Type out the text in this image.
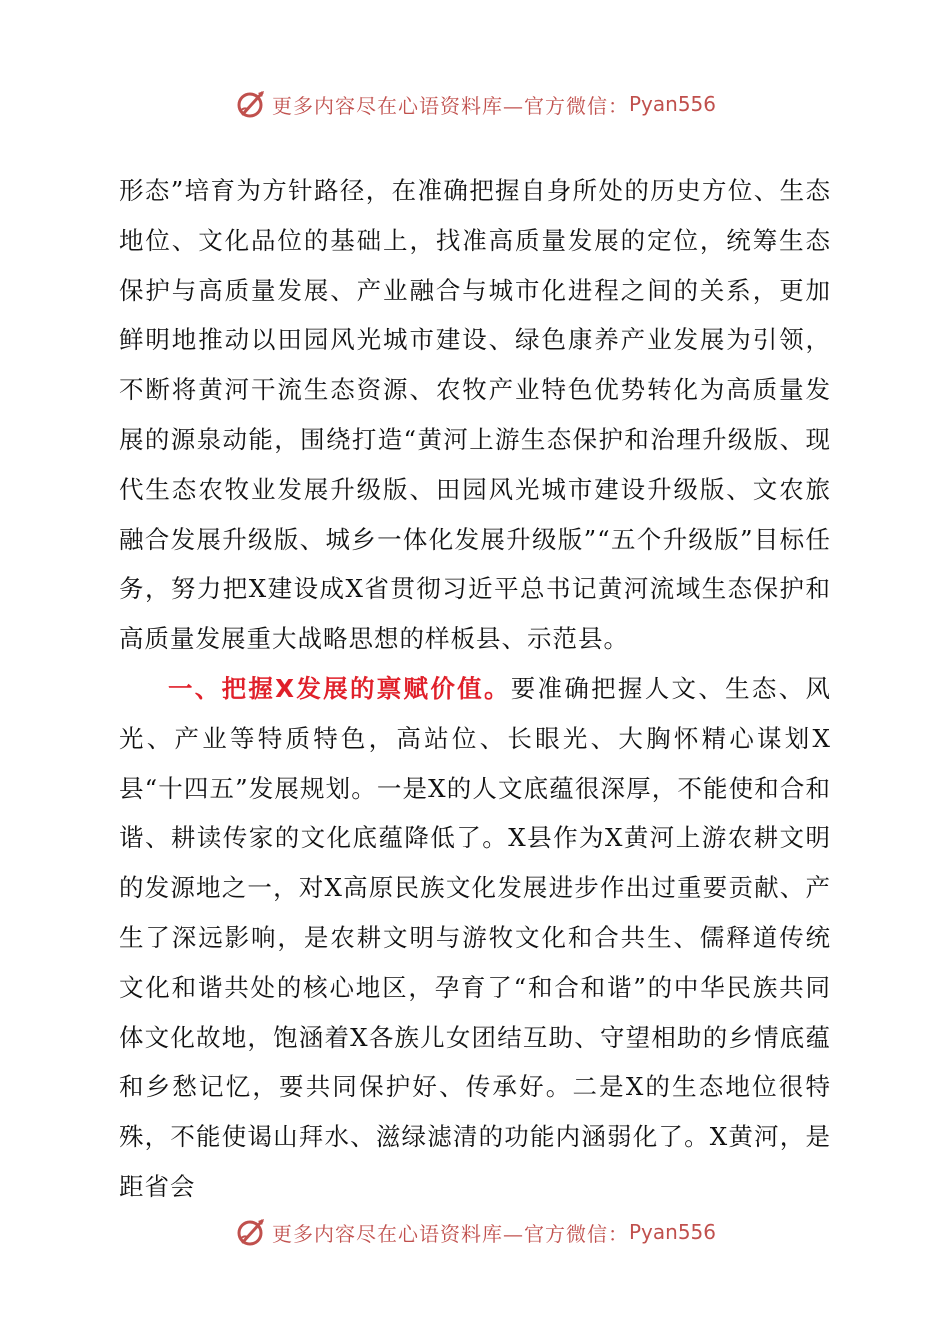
更多内容尽在心语资料库—官方微信： Pyan556

形态”培育为方针路径，在准确把握自身所处的历史方位、生态地位、文化品位的基础上，找准高质量发展的定位，统筹生态保护与高质量发展、产业融合与城市化进程之间的关系，更加鲜明地推动以田园风光城市建设、绿色康养产业发展为引领，不断将黄河干流生态资源、农牧产业特色优势转化为高质量发展的源泉动能，围绕打造“黄河上游生态保护和治理升级版、现代生态农牧业发展升级版、田园风光城市建设升级版、文农旅融合发展升级版、城乡一体化发展升级版”“五个升级版”目标任务，努力把X建设成X省贯彻习近平总书记黄河流域生态保护和高质量发展重大战略思想的样板县、示范县。

一、把握X发展的禀赋价值。要准确把握人文、生态、风光、产业等特质特色，高站位、长眼光、大胸怀精心谋划X县“十四五”发展规划。一是X的人文底蕴很深厚，不能使和合和谐、耕读传家的文化底蕴降低了。X县作为X黄河上游农耕文明的发源地之一，对X高原民族文化发展进步作出过重要贡献、产生了深远影响，是农耕文明与游牧文化和合共生、儒释道传统文化和谐共处的核心地区，孕育了“和合和谐”的中华民族共同体文化故地，饱涵着X各族儿女团结互助、守望相助的乡情底蕴和乡愁记忆，要共同保护好、传承好。二是X的生态地位很特殊，不能使谒山拜水、滋绿滤清的功能内涵弱化了。X黄河，是距省会

更多内容尽在心语资料库—官方微信： Pyan556
